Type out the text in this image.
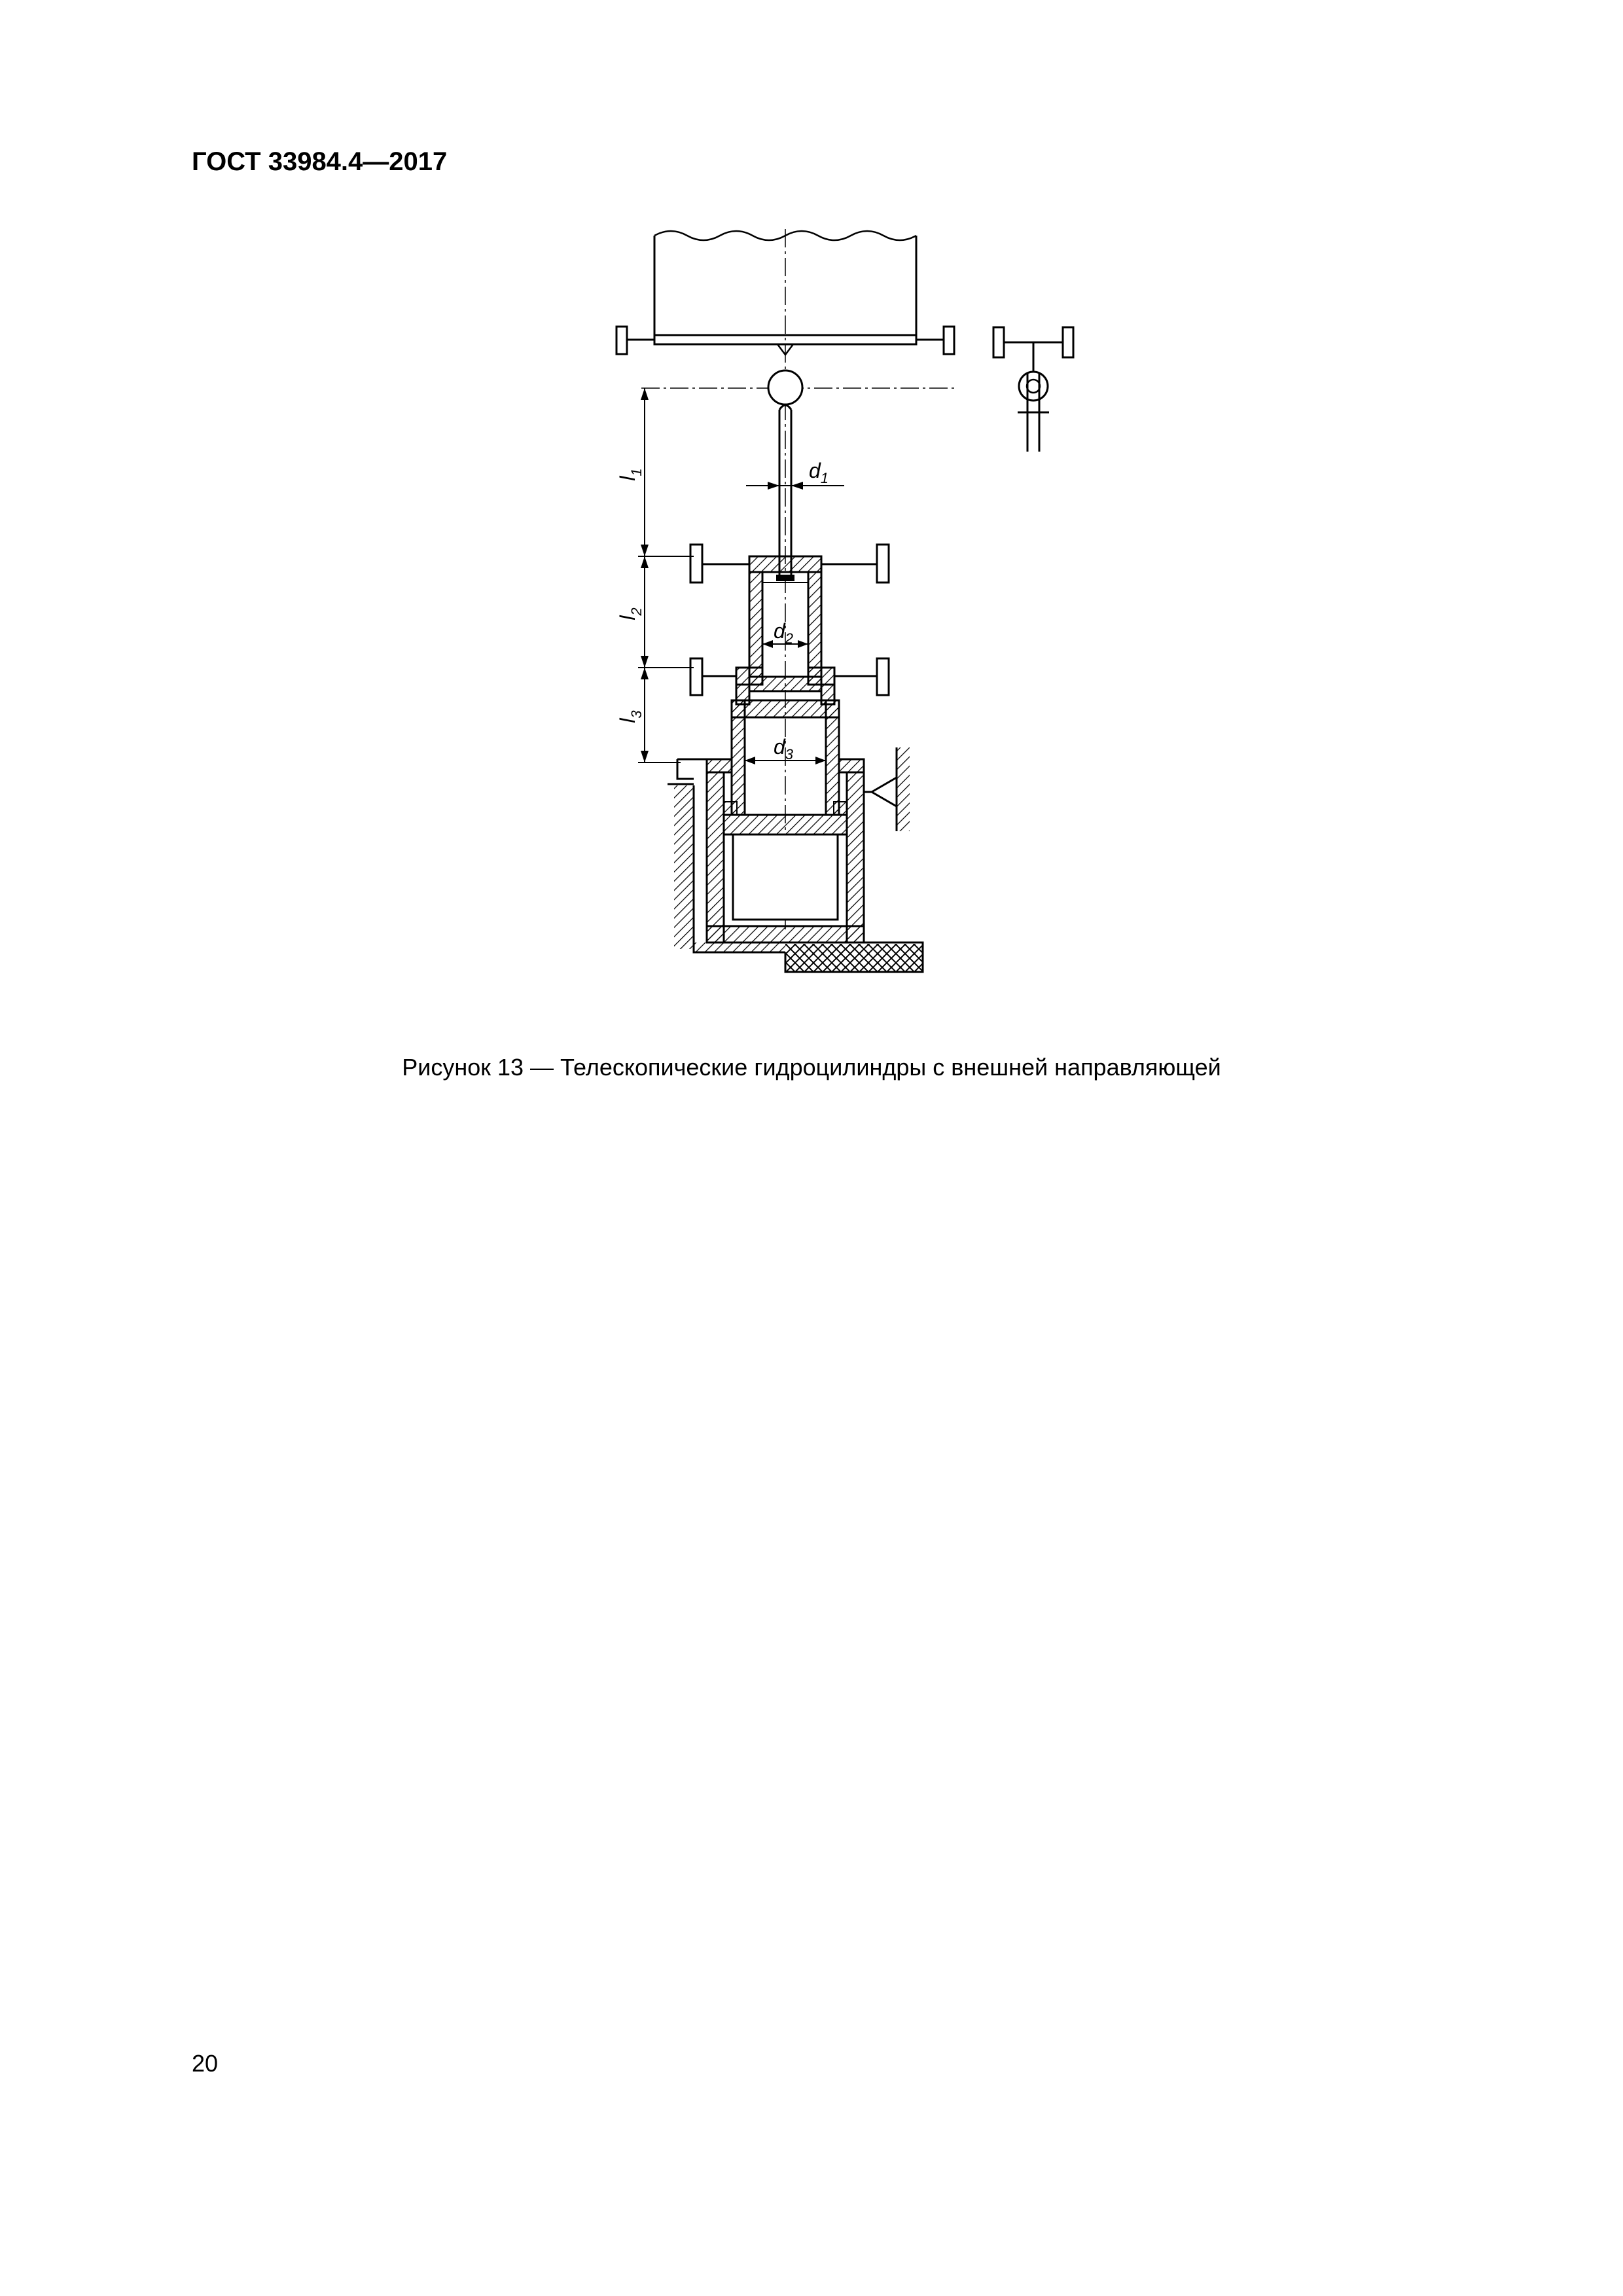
ГОСТ 33984.4—2017
$l_1$
$l_2$
$l_3$
$d_1$
$d_2$
$d_3$
Рисунок 13 — Телескопические гидроцилиндры с внешней направляющей
20
